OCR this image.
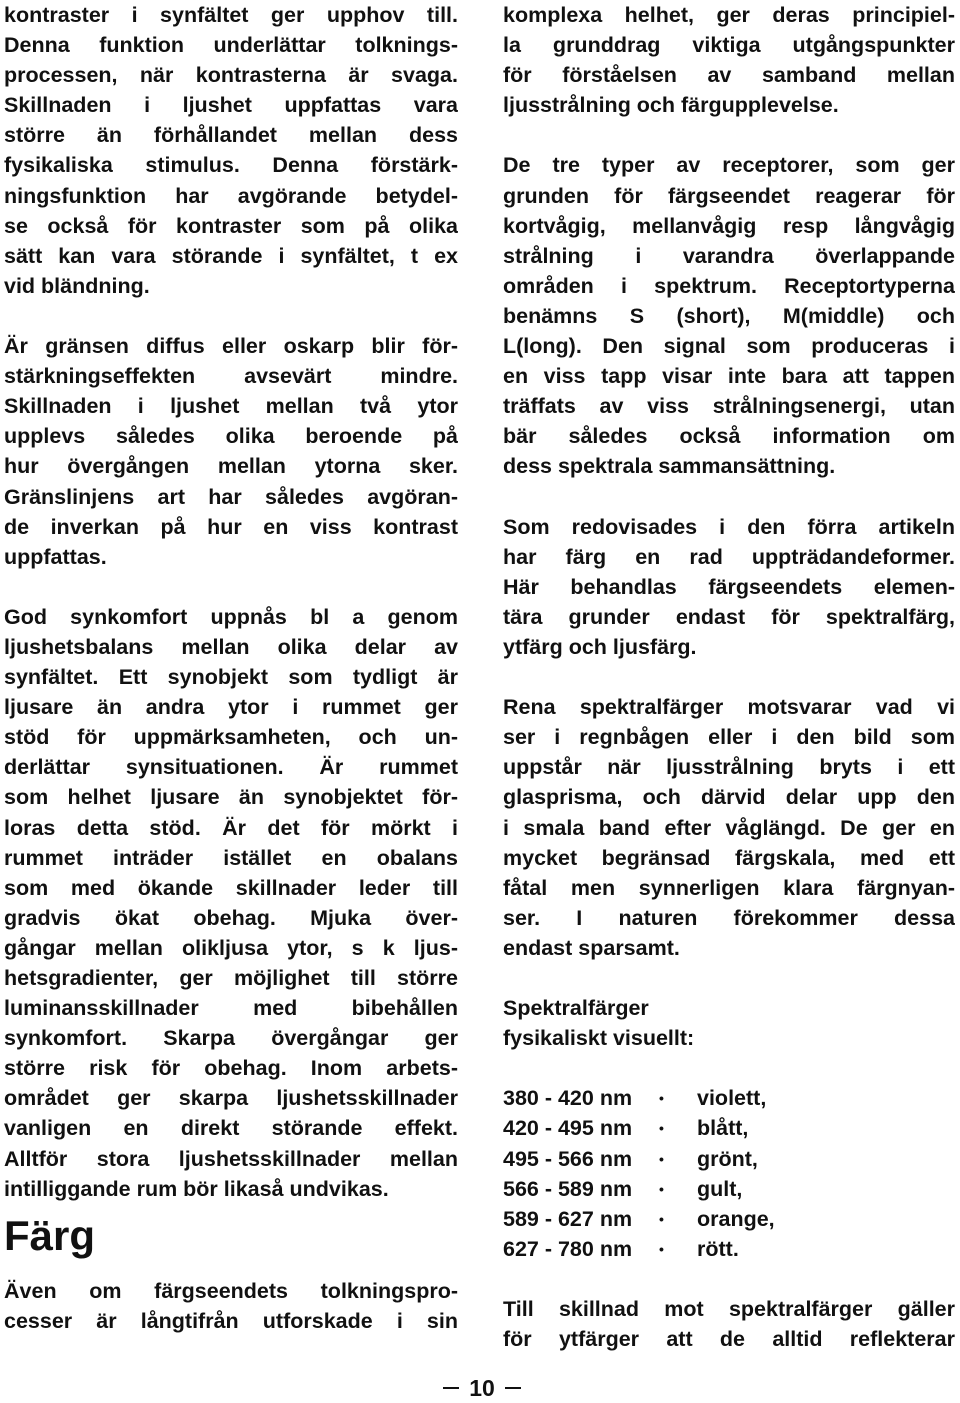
kontraster i synfältet ger upphov till.
Denna funktion underlättar tolknings-
processen, när kontrasterna är svaga.
Skillnaden i ljushet uppfattas vara
större än förhållandet mellan dess
fysikaliska stimulus. Denna förstärk-
ningsfunktion har avgörande betydel-
se också för kontraster som på olika
sätt kan vara störande i synfältet, t ex
vid bländning.
Är gränsen diffus eller oskarp blir för-
stärkningseffekten avsevärt mindre.
Skillnaden i ljushet mellan två ytor
upplevs således olika beroende på
hur övergången mellan ytorna sker.
Gränslinjens art har således avgöran-
de inverkan på hur en viss kontrast
uppfattas.
God synkomfort uppnås bl a genom
ljushetsbalans mellan olika delar av
synfältet. Ett synobjekt som tydligt är
ljusare än andra ytor i rummet ger
stöd för uppmärksamheten, och un-
derlättar synsituationen. Är rummet
som helhet ljusare än synobjektet för-
loras detta stöd. Är det för mörkt i
rummet inträder istället en obalans
som med ökande skillnader leder till
gradvis ökat obehag. Mjuka över-
gångar mellan olikljusa ytor, s k ljus-
hetsgradienter, ger möjlighet till större
luminansskillnader med bibehållen
synkomfort. Skarpa övergångar ger
större risk för obehag. Inom arbets-
området ger skarpa ljushetsskillnader
vanligen en direkt störande effekt.
Alltför stora ljushetsskillnader mellan
intilliggande rum bör likaså undvikas.
Färg
Även om färgseendets tolkningspro-
cesser är långtifrån utforskade i sin
komplexa helhet, ger deras principiel-
la grunddrag viktiga utgångspunkter
för förståelsen av samband mellan
ljusstrålning och färgupplevelse.
De tre typer av receptorer, som ger
grunden för färgseendet reagerar för
kortvågig, mellanvågig resp långvågig
strålning i varandra överlappande
områden i spektrum. Receptortyperna
benämns S (short), M(middle) och
L(long). Den signal som produceras i
en viss tapp visar inte bara att tappen
träffats av viss strålningsenergi, utan
bär således också information om
dess spektrala sammansättning.
Som redovisades i den förra artikeln
har färg en rad uppträdandeformer.
Här behandlas färgseendets elemen-
tära grunder endast för spektralfärg,
ytfärg och ljusfärg.
Rena spektralfärger motsvarar vad vi
ser i regnbågen eller i den bild som
uppstår när ljusstrålning bryts i ett
glasprisma, och därvid delar upp den
i smala band efter våglängd. De ger en
mycket begränsad färgskala, med ett
fåtal men synnerligen klara färgnyan-
ser. I naturen förekommer dessa
endast sparsamt.
Spektralfärger
fysikaliskt visuellt:
380 - 420 nm • violett,
420 - 495 nm • blått,
495 - 566 nm • grönt,
566 - 589 nm • gult,
589 - 627 nm • orange,
627 - 780 nm • rött.
Till skillnad mot spektralfärger gäller
för ytfärger att de alltid reflekterar
10
